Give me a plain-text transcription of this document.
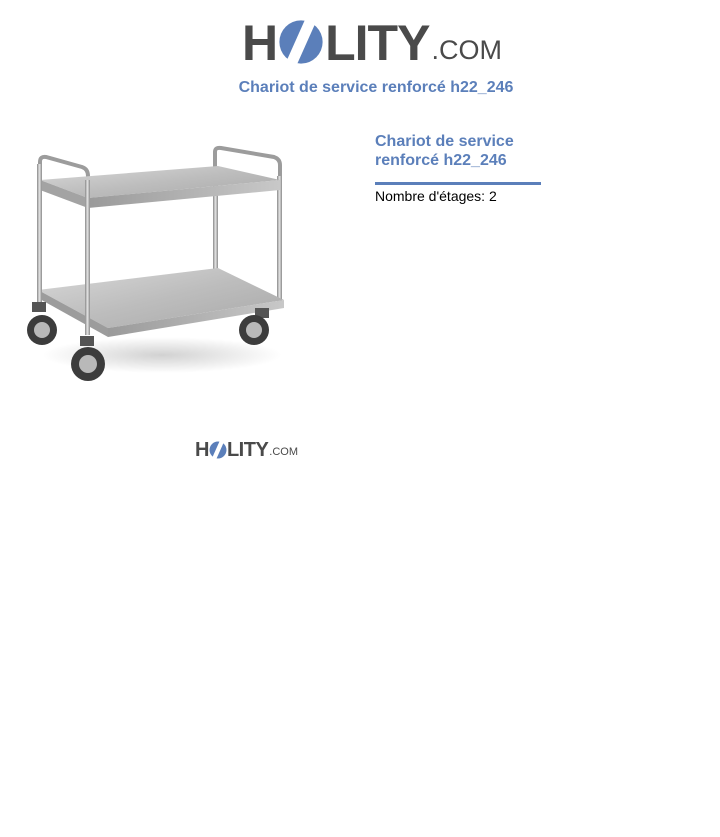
H LITY .COM
Chariot de service renforcé h22_246
Chariot de service renforcé h22_246
Nombre d'étages: 2
H LITY .COM
